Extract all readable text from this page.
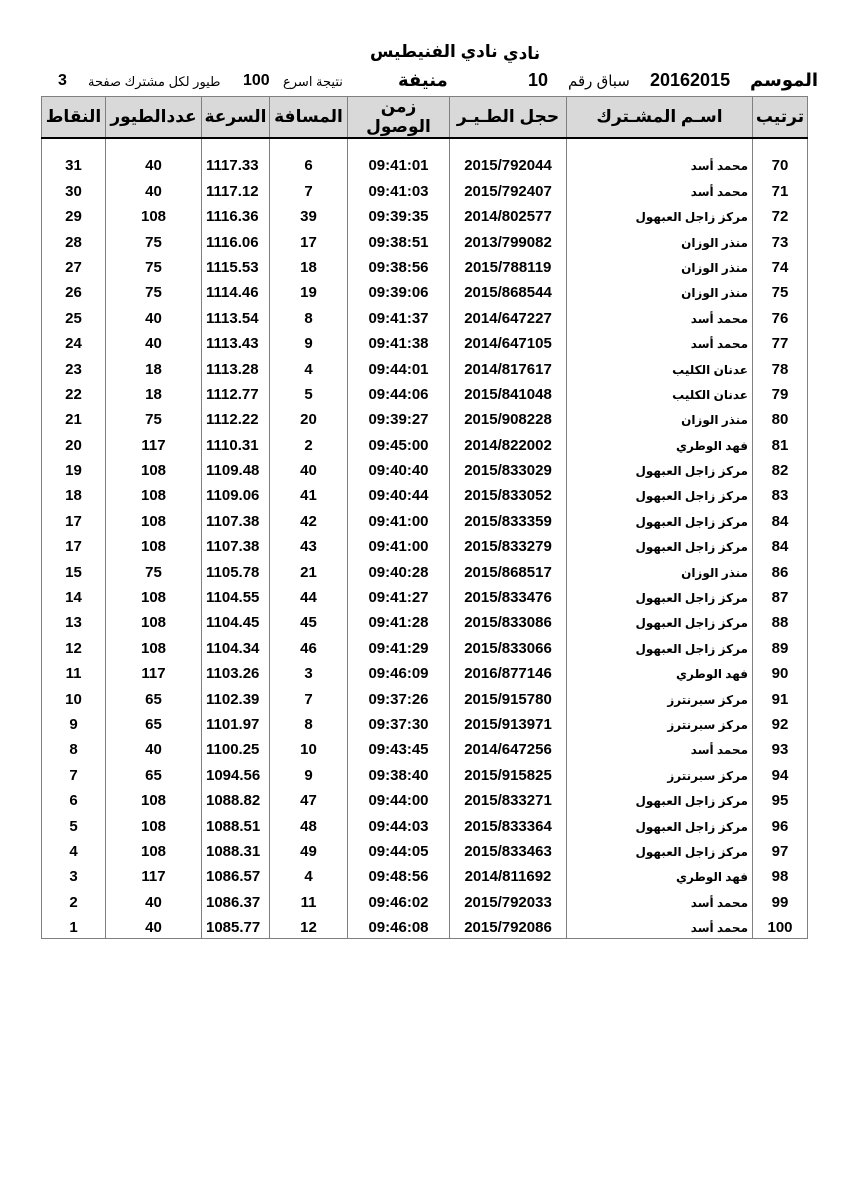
نادي
نادي الفنيطيس
الموسم
20162015
سباق رقم
10
منيفة
نتيجة اسرع
100
طيور لكل مشترك صفحة
3
النقاط	عددالطيور	السرعة	المسافة	زمن الوصول	حجل الطـيـر	اسـم المشـترك	ترتيب

31	40	1117.33	6	09:41:01	2015/792044	محمد أسد	70
30	40	1117.12	7	09:41:03	2015/792407	محمد أسد	71
29	108	1116.36	39	09:39:35	2014/802577	مركز زاجل العبهول	72
28	75	1116.06	17	09:38:51	2013/799082	منذر الوزان	73
27	75	1115.53	18	09:38:56	2015/788119	منذر الوزان	74
26	75	1114.46	19	09:39:06	2015/868544	منذر الوزان	75
25	40	1113.54	8	09:41:37	2014/647227	محمد أسد	76
24	40	1113.43	9	09:41:38	2014/647105	محمد أسد	77
23	18	1113.28	4	09:44:01	2014/817617	عدنان الكليب	78
22	18	1112.77	5	09:44:06	2015/841048	عدنان الكليب	79
21	75	1112.22	20	09:39:27	2015/908228	منذر الوزان	80
20	117	1110.31	2	09:45:00	2014/822002	فهد الوطري	81
19	108	1109.48	40	09:40:40	2015/833029	مركز زاجل العبهول	82
18	108	1109.06	41	09:40:44	2015/833052	مركز زاجل العبهول	83
17	108	1107.38	42	09:41:00	2015/833359	مركز زاجل العبهول	84
17	108	1107.38	43	09:41:00	2015/833279	مركز زاجل العبهول	84
15	75	1105.78	21	09:40:28	2015/868517	منذر الوزان	86
14	108	1104.55	44	09:41:27	2015/833476	مركز زاجل العبهول	87
13	108	1104.45	45	09:41:28	2015/833086	مركز زاجل العبهول	88
12	108	1104.34	46	09:41:29	2015/833066	مركز زاجل العبهول	89
11	117	1103.26	3	09:46:09	2016/877146	فهد الوطري	90
10	65	1102.39	7	09:37:26	2015/915780	مركز سبرنترز	91
9	65	1101.97	8	09:37:30	2015/913971	مركز سبرنترز	92
8	40	1100.25	10	09:43:45	2014/647256	محمد أسد	93
7	65	1094.56	9	09:38:40	2015/915825	مركز سبرنترز	94
6	108	1088.82	47	09:44:00	2015/833271	مركز زاجل العبهول	95
5	108	1088.51	48	09:44:03	2015/833364	مركز زاجل العبهول	96
4	108	1088.31	49	09:44:05	2015/833463	مركز زاجل العبهول	97
3	117	1086.57	4	09:48:56	2014/811692	فهد الوطري	98
2	40	1086.37	11	09:46:02	2015/792033	محمد أسد	99
1	40	1085.77	12	09:46:08	2015/792086	محمد أسد	100
